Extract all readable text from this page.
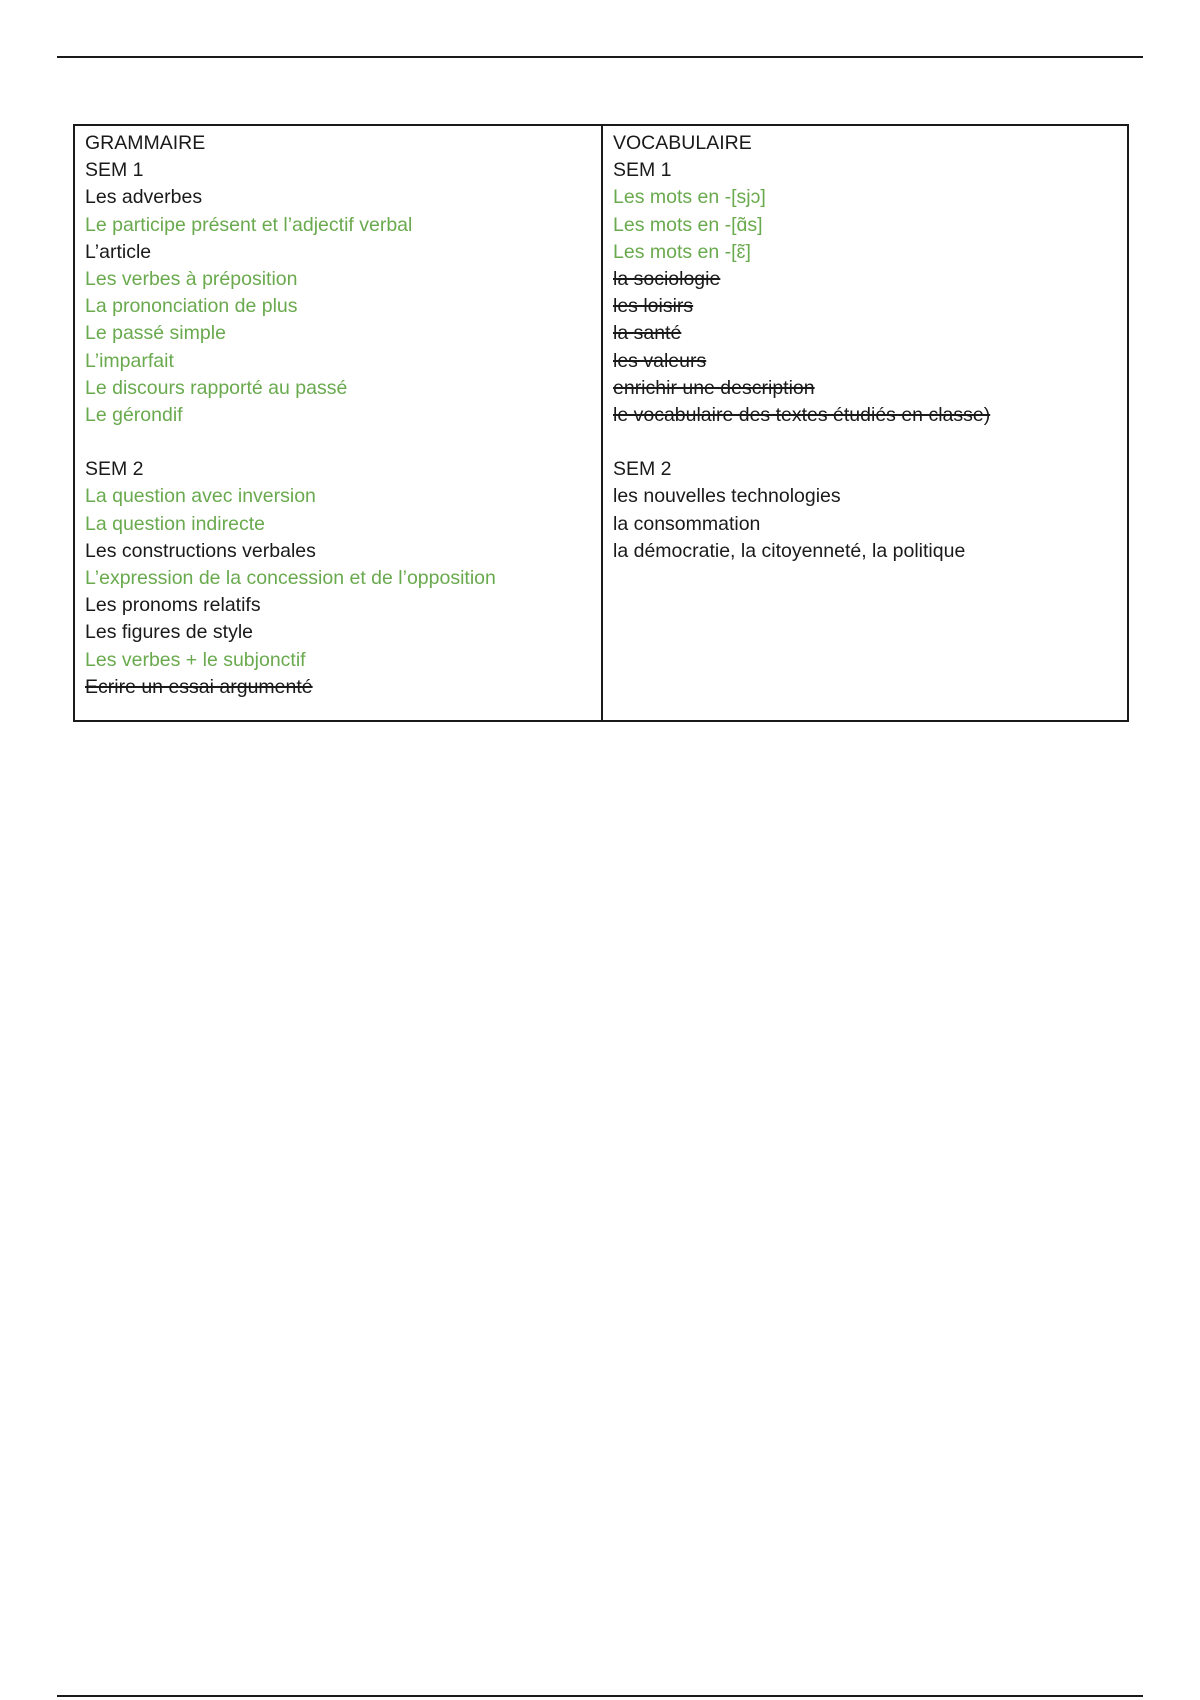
GRAMMAIRE
SEM 1
Les adverbes
Le participe présent et l’adjectif verbal
L’article
Les verbes à préposition
La prononciation de plus
Le passé simple
L’imparfait
Le discours rapporté au passé
Le gérondif
SEM 2
La question avec inversion
La question indirecte
Les constructions verbales
L’expression de la concession et de l’opposition
Les pronoms relatifs
Les figures de style
Les verbes + le subjonctif
Ecrire un essai argumenté
VOCABULAIRE
SEM 1
Les mots en -[sjɔ]
Les mots en -[ɑ̃s]
Les mots en -[ɛ̃]
la sociologie
les loisirs
la santé
les valeurs
enrichir une description
le vocabulaire des textes étudiés en classe)
SEM 2
les nouvelles technologies
la consommation
la démocratie, la citoyenneté, la politique
